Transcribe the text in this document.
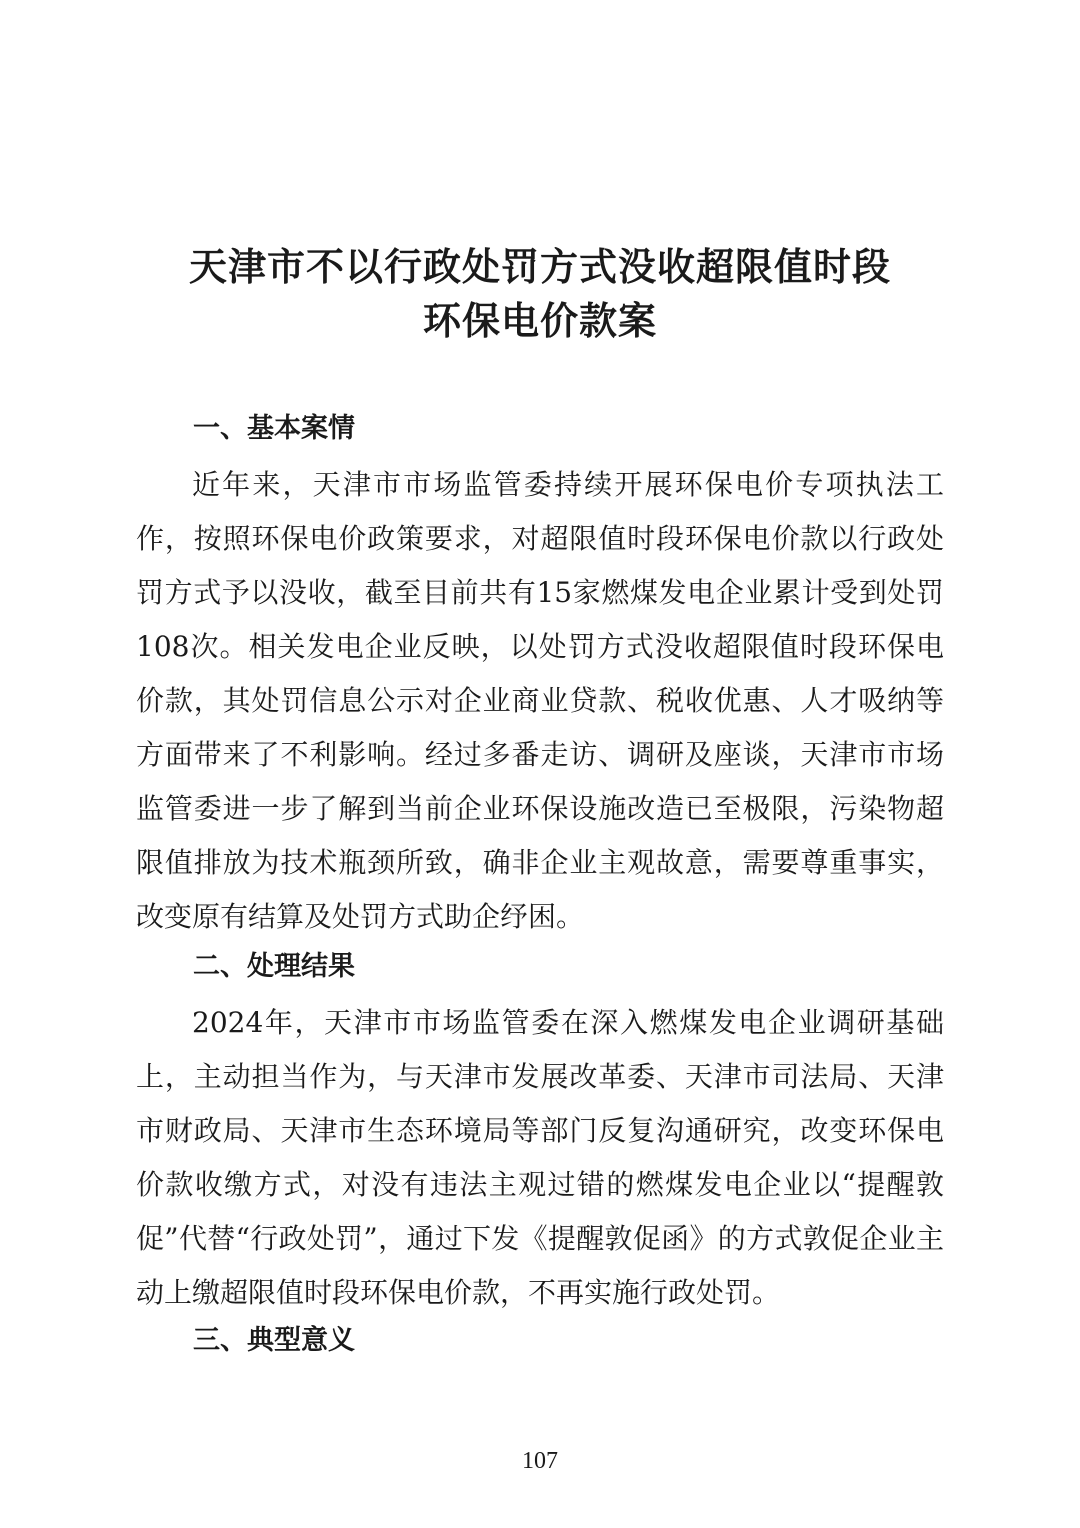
天津市不以行政处罚方式没收超限值时段
环保电价款案
一、基本案情

近年来，天津市市场监管委持续开展环保电价专项执法工作，按照环保电价政策要求，对超限值时段环保电价款以行政处罚方式予以没收，截至目前共有15家燃煤发电企业累计受到处罚108次。相关发电企业反映，以处罚方式没收超限值时段环保电价款，其处罚信息公示对企业商业贷款、税收优惠、人才吸纳等方面带来了不利影响。经过多番走访、调研及座谈，天津市市场监管委进一步了解到当前企业环保设施改造已至极限，污染物超限值排放为技术瓶颈所致，确非企业主观故意，需要尊重事实，改变原有结算及处罚方式助企纾困。

二、处理结果

2024年，天津市市场监管委在深入燃煤发电企业调研基础上，主动担当作为，与天津市发展改革委、天津市司法局、天津市财政局、天津市生态环境局等部门反复沟通研究，改变环保电价款收缴方式，对没有违法主观过错的燃煤发电企业以“提醒敦促”代替“行政处罚”，通过下发《提醒敦促函》的方式敦促企业主动上缴超限值时段环保电价款，不再实施行政处罚。

三、典型意义
107
